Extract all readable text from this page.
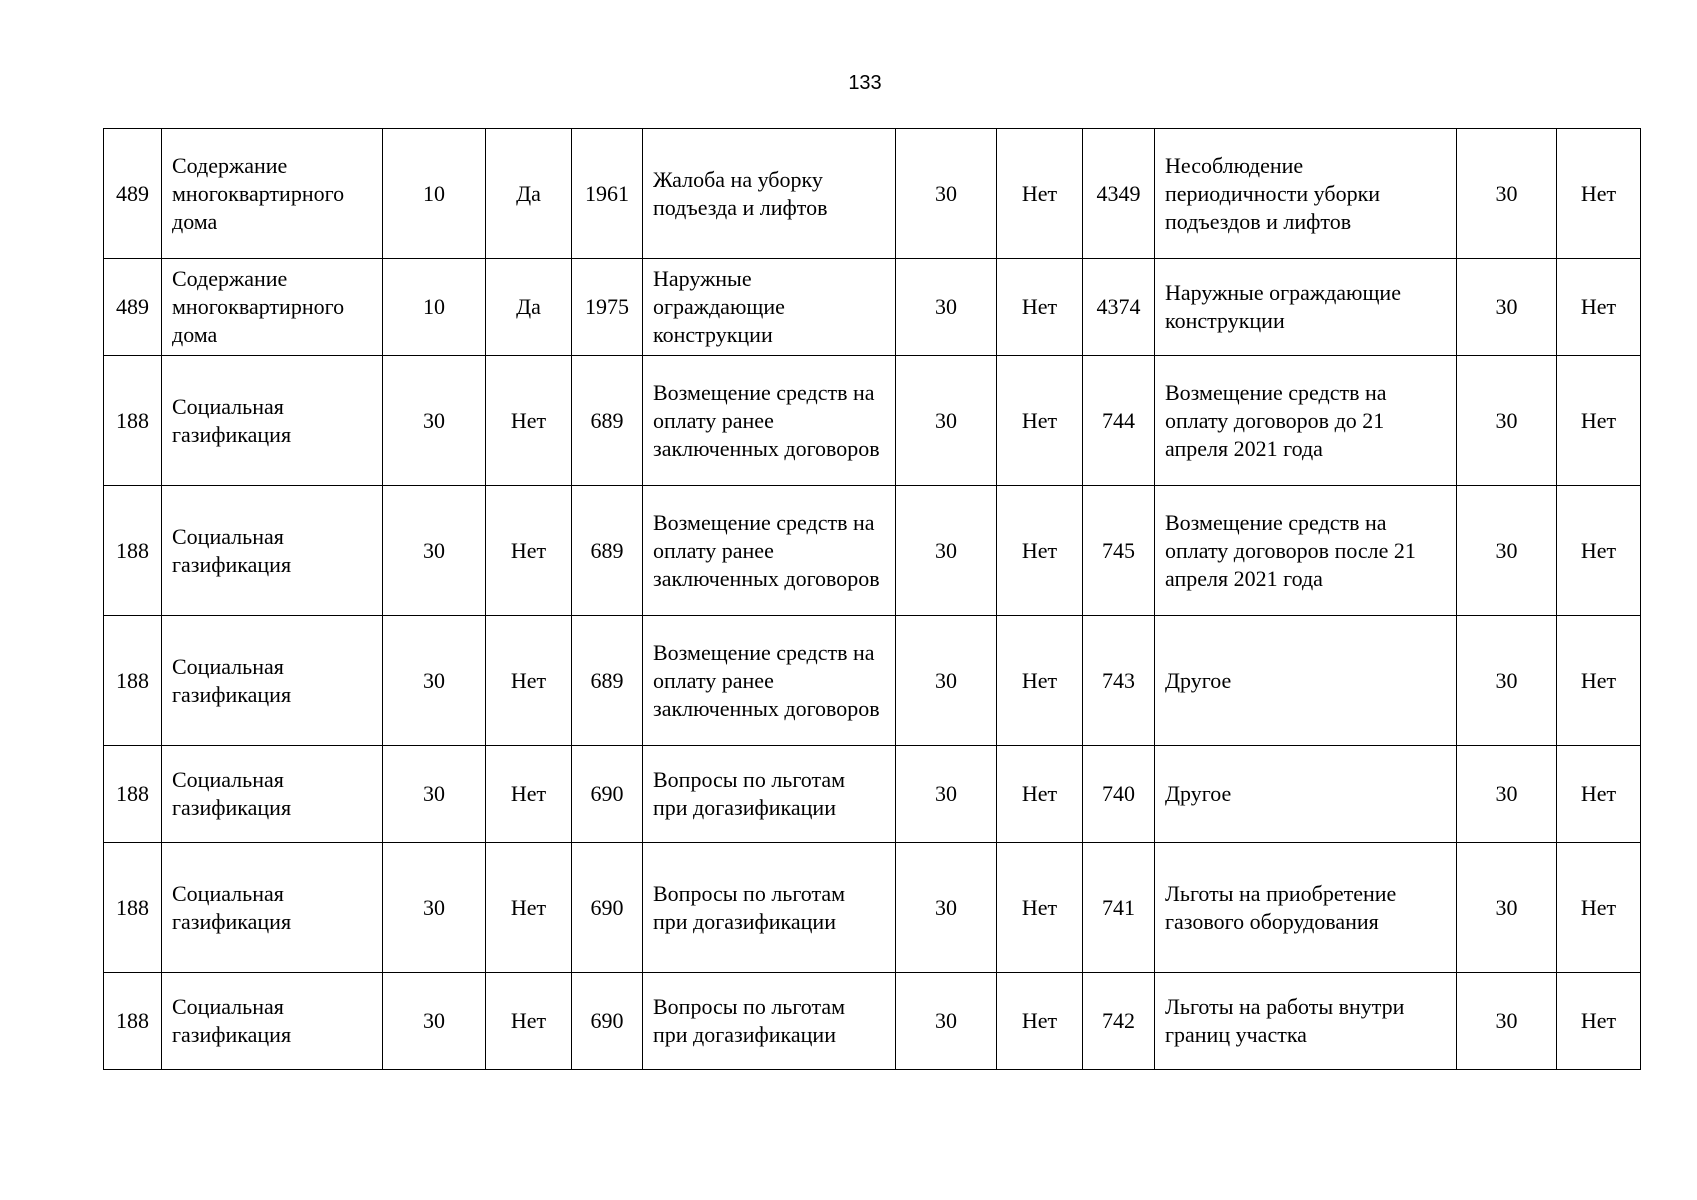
133
489	Содержание многоквартирного дома	10	Да	1961	Жалоба на уборку подъезда и лифтов	30	Нет	4349	Несоблюдение периодичности уборки подъездов и лифтов	30	Нет
489	Содержание многоквартирного дома	10	Да	1975	Наружные ограждающие конструкции	30	Нет	4374	Наружные ограждающие конструкции	30	Нет
188	Социальная газификация	30	Нет	689	Возмещение средств на оплату ранее заключенных договоров	30	Нет	744	Возмещение средств на оплату договоров до 21 апреля 2021 года	30	Нет
188	Социальная газификация	30	Нет	689	Возмещение средств на оплату ранее заключенных договоров	30	Нет	745	Возмещение средств на оплату договоров после 21 апреля 2021 года	30	Нет
188	Социальная газификация	30	Нет	689	Возмещение средств на оплату ранее заключенных договоров	30	Нет	743	Другое	30	Нет
188	Социальная газификация	30	Нет	690	Вопросы по льготам при догазификации	30	Нет	740	Другое	30	Нет
188	Социальная газификация	30	Нет	690	Вопросы по льготам при догазификации	30	Нет	741	Льготы на приобретение газового оборудования	30	Нет
188	Социальная газификация	30	Нет	690	Вопросы по льготам при догазификации	30	Нет	742	Льготы на работы внутри границ участка	30	Нет
